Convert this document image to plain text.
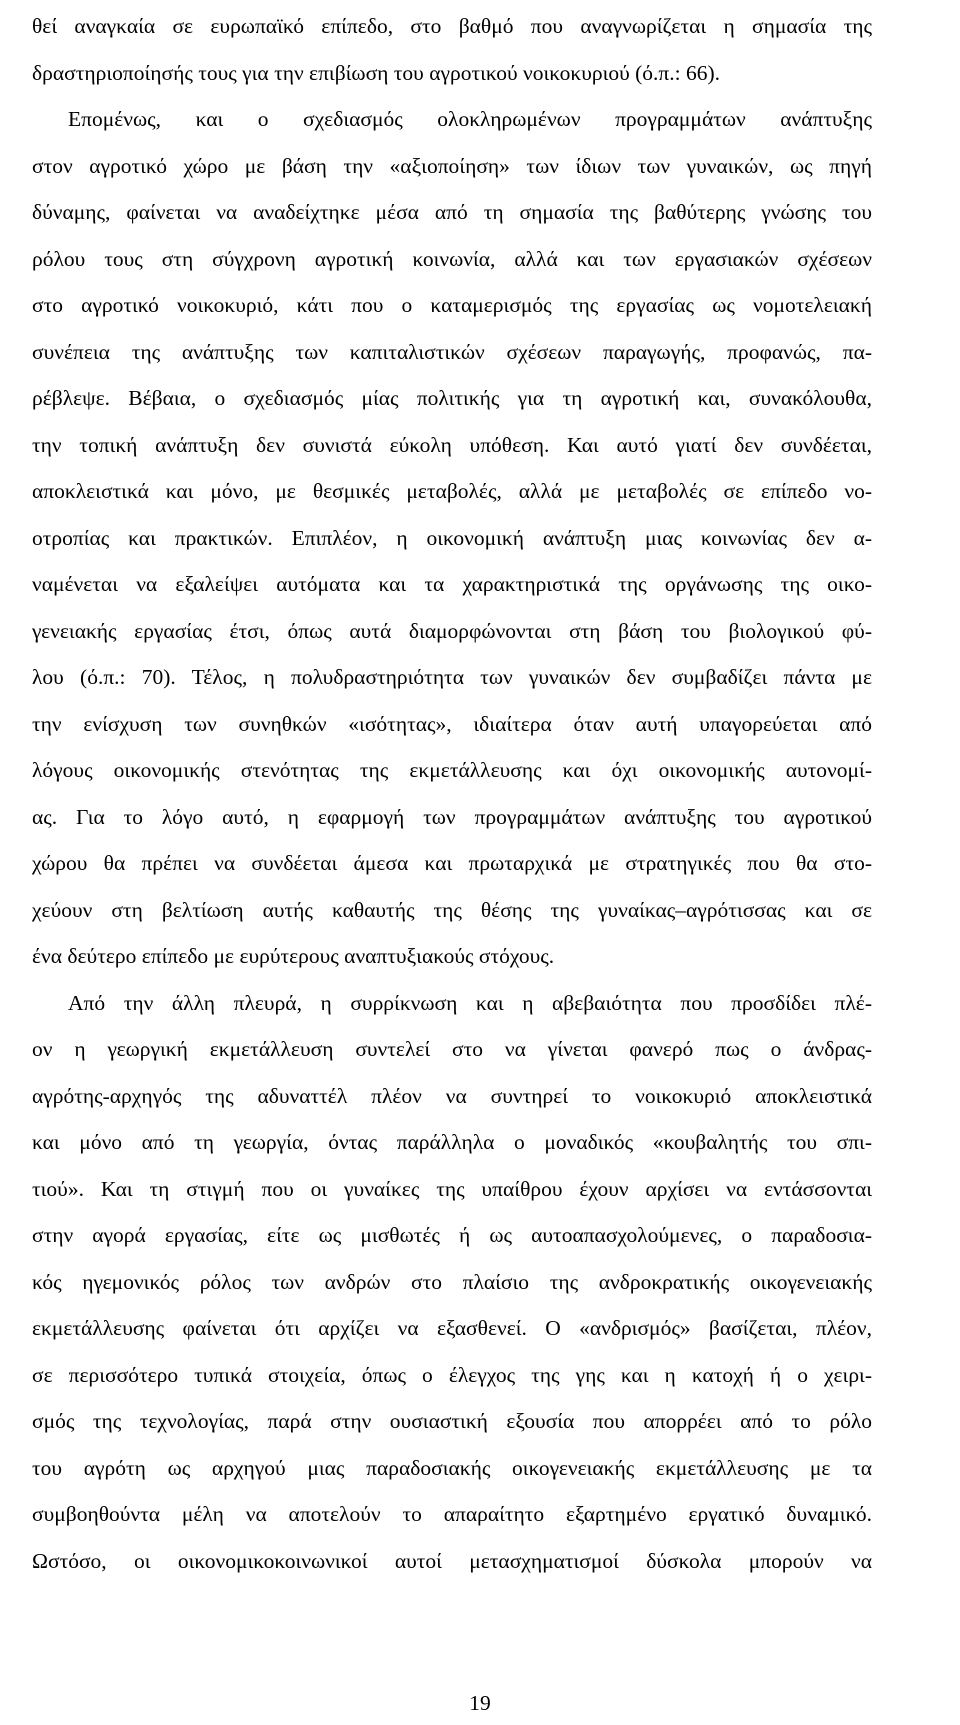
θεί αναγκαία σε ευρωπαϊκό επίπεδο, στο βαθμό που αναγνωρίζεται η σημασία της
δραστηριοποίησής τους για την επιβίωση του αγροτικού νοικοκυριού (ό.π.: 66).
Επομένως, και ο σχεδιασμός ολοκληρωμένων προγραμμάτων ανάπτυξης
στον αγροτικό χώρο με βάση την «αξιοποίηση» των ίδιων των γυναικών, ως πηγή
δύναμης, φαίνεται να αναδείχτηκε μέσα από τη σημασία της βαθύτερης γνώσης του
ρόλου τους στη σύγχρονη αγροτική κοινωνία, αλλά και των εργασιακών σχέσεων
στο αγροτικό νοικοκυριό, κάτι που ο καταμερισμός της εργασίας ως νομοτελειακή
συνέπεια της ανάπτυξης των καπιταλιστικών σχέσεων παραγωγής, προφανώς, πα-
ρέβλεψε. Βέβαια, ο σχεδιασμός μίας πολιτικής για τη αγροτική και, συνακόλουθα,
την τοπική ανάπτυξη δεν συνιστά εύκολη υπόθεση. Και αυτό γιατί δεν συνδέεται,
αποκλειστικά και μόνο, με θεσμικές μεταβολές, αλλά με μεταβολές σε επίπεδο νο-
οτροπίας και πρακτικών. Επιπλέον, η οικονομική ανάπτυξη μιας κοινωνίας δεν α-
ναμένεται να εξαλείψει αυτόματα και τα χαρακτηριστικά της οργάνωσης της οικο-
γενειακής εργασίας έτσι, όπως αυτά διαμορφώνονται στη βάση του βιολογικού φύ-
λου (ό.π.: 70). Τέλος, η πολυδραστηριότητα των γυναικών δεν συμβαδίζει πάντα με
την ενίσχυση των συνηθκών «ισότητας», ιδιαίτερα όταν αυτή υπαγορεύεται από
λόγους οικονομικής στενότητας της εκμετάλλευσης και όχι οικονομικής αυτονομί-
ας. Για το λόγο αυτό, η εφαρμογή των προγραμμάτων ανάπτυξης του αγροτικού
χώρου θα πρέπει να συνδέεται άμεσα και πρωταρχικά με στρατηγικές που θα στο-
χεύουν στη βελτίωση αυτής καθαυτής της θέσης της γυναίκας–αγρότισσας και σε
ένα δεύτερο επίπεδο με ευρύτερους αναπτυξιακούς στόχους.
Από την άλλη πλευρά, η συρρίκνωση και η αβεβαιότητα που προσδίδει πλέ-
ον η γεωργική εκμετάλλευση συντελεί στο να γίνεται φανερό πως ο άνδρας-
αγρότης-αρχηγός της αδυναττέλ πλέον να συντηρεί το νοικοκυριό αποκλειστικά
και μόνο από τη γεωργία, όντας παράλληλα ο μοναδικός «κουβαλητής του σπι-
τιού». Και τη στιγμή που οι γυναίκες της υπαίθρου έχουν αρχίσει να εντάσσονται
στην αγορά εργασίας, είτε ως μισθωτές ή ως αυτοαπασχολούμενες, ο παραδοσια-
κός ηγεμονικός ρόλος των ανδρών στο πλαίσιο της ανδροκρατικής οικογενειακής
εκμετάλλευσης φαίνεται ότι αρχίζει να εξασθενεί. Ο «ανδρισμός» βασίζεται, πλέον,
σε περισσότερο τυπικά στοιχεία, όπως ο έλεγχος της γης και η κατοχή ή ο χειρι-
σμός της τεχνολογίας, παρά στην ουσιαστική εξουσία που απορρέει από το ρόλο
του αγρότη ως αρχηγού μιας παραδοσιακής οικογενειακής εκμετάλλευσης με τα
συμβοηθούντα μέλη να αποτελούν το απαραίτητο εξαρτημένο εργατικό δυναμικό.
Ωστόσο, οι οικονομικοκοινωνικοί αυτοί μετασχηματισμοί δύσκολα μπορούν να
19
